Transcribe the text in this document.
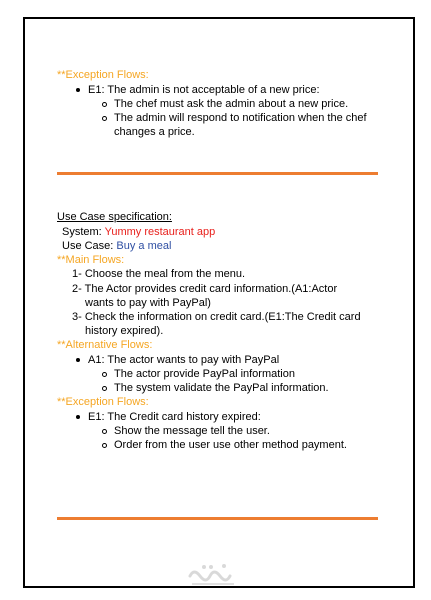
**Exception Flows:
E1: The admin is not acceptable of a new price:
The chef must ask the admin about a new price.
The admin will respond to notification when the chef
changes a price.
Use Case specification:
System: Yummy restaurant app
Use Case: Buy a meal
**Main Flows:
1- Choose the meal from the menu.
2- The Actor provides credit card information.(A1:Actor
wants to pay with PayPal)
3- Check the information on credit card.(E1:The Credit card
history expired).
**Alternative Flows:
A1: The actor wants to pay with PayPal
The actor provide PayPal information
The system validate the PayPal information.
**Exception Flows:
E1: The Credit card history expired:
Show the message tell the user.
Order from the user use other method payment.
